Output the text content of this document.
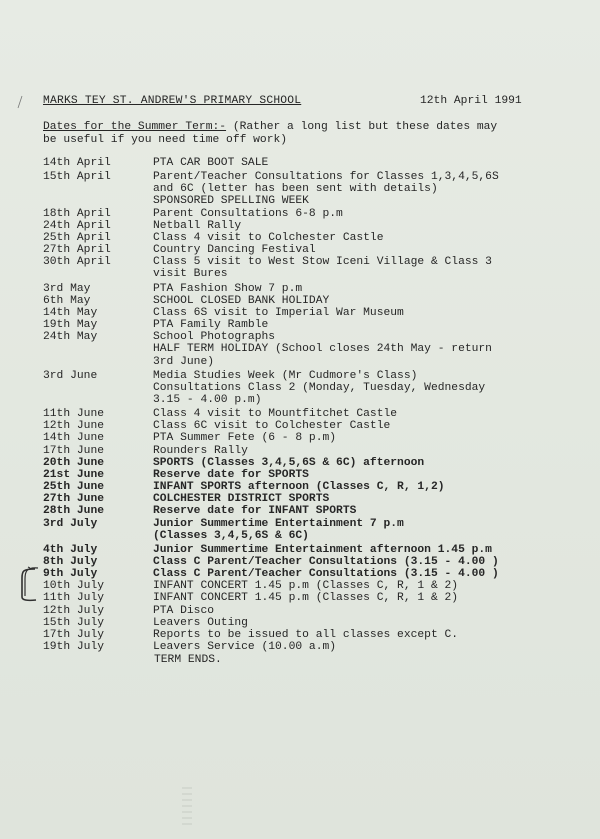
MARKS TEY ST. ANDREW'S PRIMARY SCHOOL	12th April 1991
Dates for the Summer Term:- (Rather a long list but these dates may
be useful if you need time off work)
14th April	PTA CAR BOOT SALE
15th April	Parent/Teacher Consultations for Classes 1,3,4,5,6S
and 6C (letter has been sent with details)
SPONSORED SPELLING WEEK
18th April	Parent Consultations 6-8 p.m
24th April	Netball Rally
25th April	Class 4 visit to Colchester Castle
27th April	Country Dancing Festival
30th April	Class 5 visit to West Stow Iceni Village & Class 3
visit Bures
3rd May	PTA Fashion Show 7 p.m
6th May	SCHOOL CLOSED BANK HOLIDAY
14th May	Class 6S visit to Imperial War Museum
19th May	PTA Family Ramble
24th May	School Photographs
HALF TERM HOLIDAY (School closes 24th May - return
3rd June)
3rd June	Media Studies Week (Mr Cudmore's Class)
Consultations Class 2 (Monday, Tuesday, Wednesday
3.15 - 4.00 p.m)
11th June	Class 4 visit to Mountfitchet Castle
12th June	Class 6C visit to Colchester Castle
14th June	PTA Summer Fete (6 - 8 p.m)
17th June	Rounders Rally
20th June	SPORTS (Classes 3,4,5,6S & 6C) afternoon
21st June	Reserve date for SPORTS
25th June	INFANT SPORTS afternoon (Classes C, R, 1,2)
27th June	COLCHESTER DISTRICT SPORTS
28th June	Reserve date for INFANT SPORTS
3rd July	Junior Summertime Entertainment 7 p.m
(Classes 3,4,5,6S & 6C)
4th July	Junior Summertime Entertainment afternoon 1.45 p.m
8th July	Class C Parent/Teacher Consultations (3.15 - 4.00 )
9th July	Class C Parent/Teacher Consultations (3.15 - 4.00 )
10th July	INFANT CONCERT 1.45 p.m (Classes C, R, 1 & 2)
11th July	INFANT CONCERT 1.45 p.m (Classes C, R, 1 & 2)
12th July	PTA Disco
15th July	Leavers Outing
17th July	Reports to be issued to all classes except C.
19th July	Leavers Service (10.00 a.m)
TERM ENDS.
